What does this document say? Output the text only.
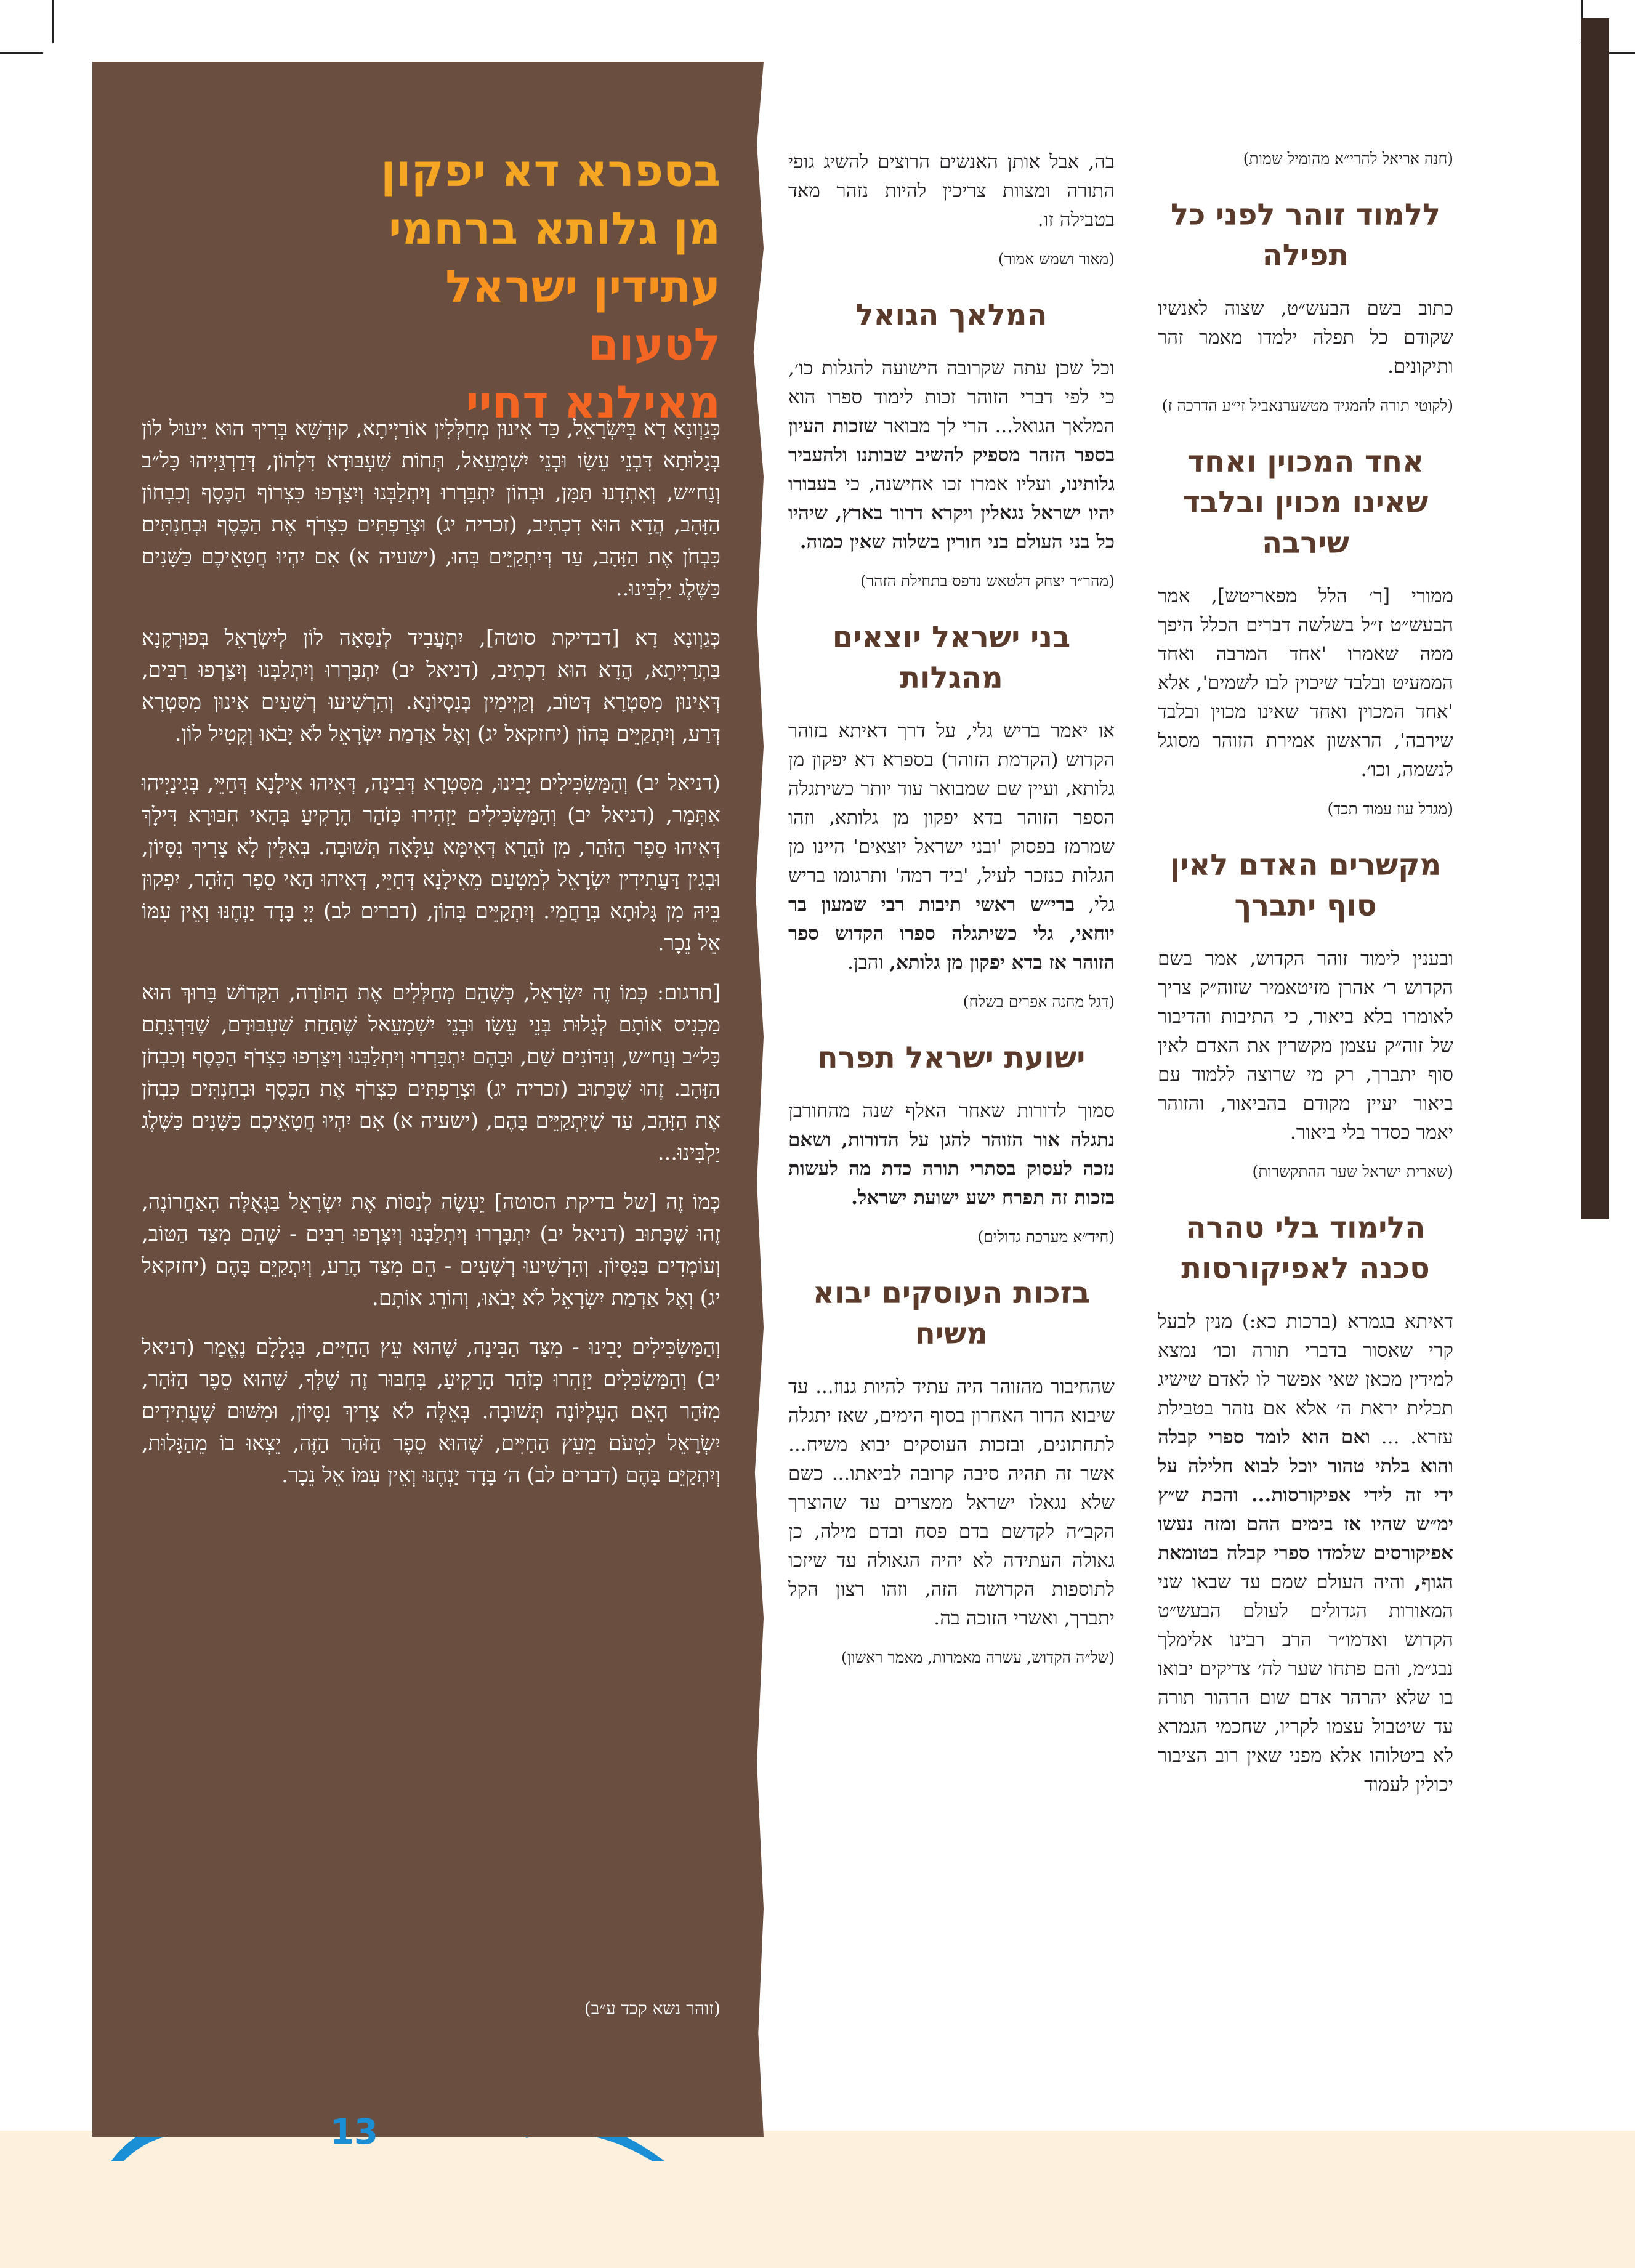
בספרא דא יפקון
מן גלותא ברחמי
עתידין ישראל
לטעום
מאילנא דחיי

כְּגַוְונָא דָא בְּיִשְׂרָאֵל, כַּד אִינוּן מְחַלְּלִין אוֹרַיְיתָא, קוּדְשָׁא בְּרִיךְ הוּא יֵיעוּל לוֹן בְּגָלוּתָא דִּבְנֵי עֵשָׂו וּבְנֵי יִשְׁמָעֵאל, תְּחוֹת שִׁעְבּוּדָא דִּלְהוֹן, דְּדַרְגַּיְיהוּ כָּל״ב וְנָח״ש, וְאִתְדָנוּ תַּמָּן, וּבְהוֹן יִתְבָּרְרוּ וְיִתְלַבְּנוּ וְיִצָּרְפוּ כִּצְרוֹף הַכֶּסֶף וְכִבְחוֹן הַזָּהָב, הֲדָא הוּא דִכְתִיב, (זכריה יג) וּצְרַפְתִּים כִּצְרֹף אֶת הַכֶּסֶף וּבְחַנְתִּים כִּבְחֹן אֶת הַזָּהָב, עַד דְּיִתְקַיֵּים בְּהוּ, (ישעיה א) אִם יִהְיוּ חֲטָאֵיכֶם כַּשָּׁנִים כַּשֶּׁלֶג יַלְבִּינוּ..

כְּגַוְונָא דָא [דבדיקת סוטה], יִתְעֲבִיד לְנַסָּאָה לוֹן לְיִשְׂרָאֵל בְּפוּרְקָנָא בַּתְרַיְיתָא, הֲדָא הוּא דִכְתִיב, (דניאל יב) יִתְבָּרְרוּ וְיִתְלַבְּנוּ וְיִצָּרְפוּ רַבִּים, דְּאִינוּן מִסִּטְרָא דְּטוֹב, וְקַיְימִין בְּנִסְיוֹנָא. וְהִרְשִׁיעוּ רְשָׁעִים אִינוּן מִסִּטְרָא דְּרַע, וְיִתְקַיֵּים בְּהוֹן (יחזקאל יג) וְאֶל אַדְמַת יִשְׂרָאֵל לֹא יָבֹאוּ וְקָטִיל לוֹן.

(דניאל יב) וְהַמַּשְׂכִּילִים יָבִינוּ, מִסִּטְרָא דְּבִינָה, דְּאִיהוּ אִילָנָא דְּחַיֵּי, בְּגִינַיְיהוּ אִתְּמַר, (דניאל יב) וְהַמַּשְׂכִּילִים יַזְהִירוּ כְּזֹהַר הָרָקִיעַ בְּהַאי חִבּוּרָא דִּילָךְ דְּאִיהוּ סֵפֶר הַזֹּהַר, מִן זֹהֲרָא דְּאִימָּא עִלָּאָה תְּשׁוּבָה. בְּאִלֵּין לָא צָרִיךְ נִסָּיוֹן, וּבְגִין דַּעֲתִידִין יִשְׂרָאֵל לְמִטְעַם מֵאִילָנָא דְּחַיֵּי, דְּאִיהוּ הַאי סֵפֶר הַזֹּהַר, יִפְקוּן בֵּיהּ מִן גָּלוּתָא בְּרַחֲמֵי. וְיִתְקַיֵּים בְּהוֹן, (דברים לב) יְיָ בָּדָד יַנְחֶנּוּ וְאֵין עִמּוֹ אֵל נֵכָר.

[תרגום: כְּמוֹ זֶה יִשְׂרָאֵל, כְּשֶׁהֵם מְחַלְּלִים אֶת הַתּוֹרָה, הַקָּדוֹשׁ בָּרוּךְ הוּא מַכְנִיס אוֹתָם לְגָלוּת בְּנֵי עֵשָׂו וּבְנֵי יִשְׁמָעֵאל שֶׁתַּחַת שִׁעְבּוּדָם, שֶׁדַּרְגָּתָם כָּל״ב וְנָח״ש, וְנִדּוֹנִים שָׁם, וּבָהֶם יִתְבָּרְרוּ וְיִתְלַבְּנוּ וְיִצָּרְפוּ כִּצְרֹף הַכֶּסֶף וְכִבְחֹן הַזָּהָב. זֶהוּ שֶׁכָּתוּב (זכריה יג) וּצְרַפְתִּים כִּצְרֹף אֶת הַכֶּסֶף וּבְחַנְתִּים כִּבְחֹן אֶת הַזָּהָב, עַד שֶׁיִּתְקַיֵּים בָּהֶם, (ישעיה א) אִם יִהְיוּ חֲטָאֵיכֶם כַּשָּׁנִים כַּשֶּׁלֶג יַלְבִּינוּ...

כְּמוֹ זֶה [של בדיקת הסוטה] יֵעָשֶׂה לְנַסּוֹת אֶת יִשְׂרָאֵל בַּגְּאֻלָּה הָאַחֲרוֹנָה, זֶהוּ שֶׁכָּתוּב (דניאל יב) יִתְבָּרְרוּ וְיִתְלַבְּנוּ וְיִצָּרְפוּ רַבִּים - שֶׁהֵם מִצַּד הַטּוֹב, וְעוֹמְדִים בַּנִּסָּיוֹן. וְהִרְשִׁיעוּ רְשָׁעִים - הֵם מִצַּד הָרַע, וְיִתְקַיֵּם בָּהֶם (יחזקאל יג) וְאֶל אַדְמַת יִשְׂרָאֵל לֹא יָבֹאוּ, וְהוֹרֵג אוֹתָם.

וְהַמַּשְׂכִּילִים יָבִינוּ - מִצַּד הַבִּינָה, שֶׁהוּא עֵץ הַחַיִּים, בִּגְלָלָם נֶאֱמַר (דניאל יב) וְהַמַּשְׂכִּלִים יַזְהִרוּ כְּזֹהַר הָרָקִיעַ, בְּחִבּוּר זֶה שֶׁלְּךָ, שֶׁהוּא סֵפֶר הַזֹּהַר, מִזֹּהַר הָאֵם הָעֶלְיוֹנָה תְּשׁוּבָה. בְּאֵלֶּה לֹא צָרִיךְ נִסָּיוֹן, וּמִשּׁוּם שֶׁעֲתִידִים יִשְׂרָאֵל לִטְעֹם מֵעֵץ הַחַיִּים, שֶׁהוּא סֵפֶר הַזֹּהַר הַזֶּה, יֵצְאוּ בוֹ מֵהַגָּלוּת, וְיִתְקַיֵּם בָּהֶם (דברים לב) ה׳ בָּדָד יַנְחֶנּוּ וְאֵין עִמּוֹ אֵל נֵכָר.

(זוהר נשא קכד ע״ב)
13

בה, אבל אותן האנשים הרוצים להשיג גופי התורה ומצוות צריכין להיות נזהר מאד בטבילה זו.

(מאור ושמש אמור)
המלאך הגואל

וכל שכן עתה שקרובה הישועה להגלות כו׳, כי לפי דברי הזוהר זכות לימוד ספרו הוא המלאך הגואל... הרי לך מבואר שזכות העיון בספר הזהר מספיק להשיב שבותנו ולהעביר גלותינו, ועליו אמרו זכו אחישנה, כי בעבורו יהיו ישראל נגאלין ויקרא דרור בארץ, שיהיו כל בני העולם בני חורין בשלוה שאין כמוה.

(מהר״ר יצחק דלטאש נדפס בתחילת הזהר)
בני ישראל יוצאים מהגלות

או יאמר בריש גלי, על דרך דאיתא בזוהר הקדוש (הקדמת הזוהר) בספרא דא יפקון מן גלותא, ועיין שם שמבואר עוד יותר כשיתגלה הספר הזוהר בדא יפקון מן גלותא, וזהו שמרמז בפסוק 'ובני ישראל יוצאים' היינו מן הגלות כנזכר לעיל, 'ביד רמה' ותרגומו בריש גלי, ברי״ש ראשי תיבות רבי שמעון בר יוחאי, גלי כשיתגלה ספרו הקדוש ספר הזוהר אז בדא יפקון מן גלותא, והבן.

(דגל מחנה אפרים בשלח)
ישועת ישראל תפרח

סמוך לדורות שאחר האלף שנה מהחורבן נתגלה אור הזוהר להגן על הדורות, ושאם נזכה לעסוק בסתרי תורה כדת מה לעשות בזכות זה תפרח ישע ישועת ישראל.

(חיד״א מערכת גדולים)
בזכות העוסקים יבוא משיח

שהחיבור מהזוהר היה עתיד להיות גנוז... עד שיבוא הדור האחרון בסוף הימים, שאז יתגלה לתחתונים, ובזכות העוסקים יבוא משיח... אשר זה תהיה סיבה קרובה לביאתו... כשם שלא נגאלו ישראל ממצרים עד שהוצרך הקב״ה לקדשם בדם פסח ובדם מילה, כן גאולה העתידה לא יהיה הגאולה עד שיזכו לתוספות הקדושה הזה, וזהו רצון הקל יתברך, ואשרי הזוכה בה.

(של״ה הקדוש, עשרה מאמרות, מאמר ראשון)
(חנה אריאל להרי״א מהומיל שמות)
ללמוד זוהר לפני כל תפילה

כתוב בשם הבעש״ט, שצוה לאנשיו שקודם כל תפלה ילמדו מאמר זהר ותיקונים.

(לקוטי תורה להמגיד מטשערנאביל זי״ע הדרכה ז)
אחד המכוין ואחד שאינו מכוין ובלבד שירבה

ממורי [ר׳ הלל מפאריטש], אמר הבעש״ט ז״ל בשלשה דברים הכלל היפך ממה שאמרו 'אחד המרבה ואחד הממעיט ובלבד שיכוין לבו לשמים', אלא 'אחד המכוין ואחד שאינו מכוין ובלבד שירבה', הראשון אמירת הזוהר מסוגל לנשמה, וכו׳.

(מגדל עוז עמוד תכד)
מקשרים האדם לאין סוף יתברך

ובענין לימוד זוהר הקדוש, אמר בשם הקדוש ר׳ אהרן מזיטאמיר שזוה״ק צריך לאומרו בלא ביאור, כי התיבות והדיבור של זוה״ק עצמן מקשרין את האדם לאין סוף יתברך, רק מי שרוצה ללמוד עם ביאור יעיין מקודם בהביאור, והזוהר יאמר כסדר בלי ביאור.

(שארית ישראל שער ההתקשרות)
הלימוד בלי טהרה סכנה לאפיקורסות

דאיתא בגמרא (ברכות כא:) מנין לבעל קרי שאסור בדברי תורה וכו׳ נמצא למידין מכאן שאי אפשר לו לאדם שישיג תכלית יראת ה׳ אלא אם נזהר בטבילת עזרא. ... ואם הוא לומד ספרי קבלה והוא בלתי טהור יוכל לבוא חלילה על ידי זה לידי אפיקורסות... והכת ש״ץ ימ״ש שהיו אז בימים ההם ומזה נעשו אפיקורסים שלמדו ספרי קבלה בטומאת הגוף, והיה העולם שמם עד שבאו שני המאורות הגדולים לעולם הבעש״ט הקדוש ואדמו״ר הרב רבינו אלימלך נבג״מ, והם פתחו שער לה׳ צדיקים יבואו בו שלא יהרהר אדם שום הרהור תורה עד שיטבול עצמו לקריו, שחכמי הגמרא לא ביטלוהו אלא מפני שאין רוב הציבור יכולין לעמוד
